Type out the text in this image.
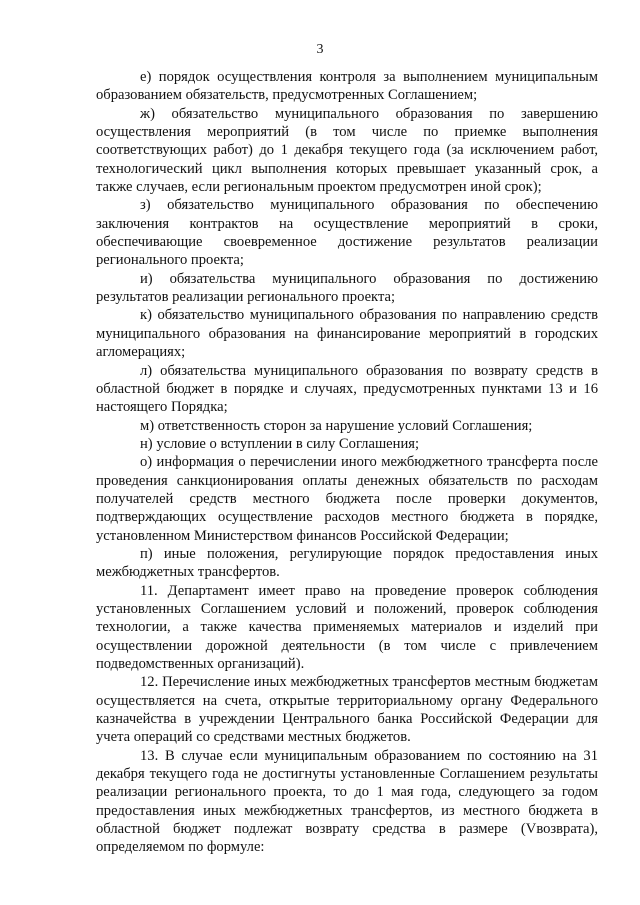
3

е) порядок осуществления контроля за выполнением муниципальным образованием обязательств, предусмотренных Соглашением;

ж) обязательство муниципального образования по завершению осуществления мероприятий (в том числе по приемке выполнения соответствующих работ) до 1 декабря текущего года (за исключением работ, технологический цикл выполнения которых превышает указанный срок, а также случаев, если региональным проектом предусмотрен иной срок);

з) обязательство муниципального образования по обеспечению заключения контрактов на осуществление мероприятий в сроки, обеспечивающие своевременное достижение результатов реализации регионального проекта;

и) обязательства муниципального образования по достижению результатов реализации регионального проекта;

к) обязательство муниципального образования по направлению средств муниципального образования на финансирование мероприятий в городских агломерациях;

л) обязательства муниципального образования по возврату средств в областной бюджет в порядке и случаях, предусмотренных пунктами 13 и 16 настоящего Порядка;

м) ответственность сторон за нарушение условий Соглашения;

н) условие о вступлении в силу Соглашения;

о) информация о перечислении иного межбюджетного трансферта после проведения санкционирования оплаты денежных обязательств по расходам получателей средств местного бюджета после проверки документов, подтверждающих осуществление расходов местного бюджета в порядке, установленном Министерством финансов Российской Федерации;

п) иные положения, регулирующие порядок предоставления иных межбюджетных трансфертов.

11. Департамент имеет право на проведение проверок соблюдения установленных Соглашением условий и положений, проверок соблюдения технологии, а также качества применяемых материалов и изделий при осуществлении дорожной деятельности (в том числе с привлечением подведомственных организаций).

12. Перечисление иных межбюджетных трансфертов местным бюджетам осуществляется на счета, открытые территориальному органу Федерального казначейства в учреждении Центрального банка Российской Федерации для учета операций со средствами местных бюджетов.

13. В случае если муниципальным образованием по состоянию на 31 декабря текущего года не достигнуты установленные Соглашением результаты реализации регионального проекта, то до 1 мая года, следующего за годом предоставления иных межбюджетных трансфертов, из местного бюджета в областной бюджет подлежат возврату средства в размере (Vвозврата), определяемом по формуле:
